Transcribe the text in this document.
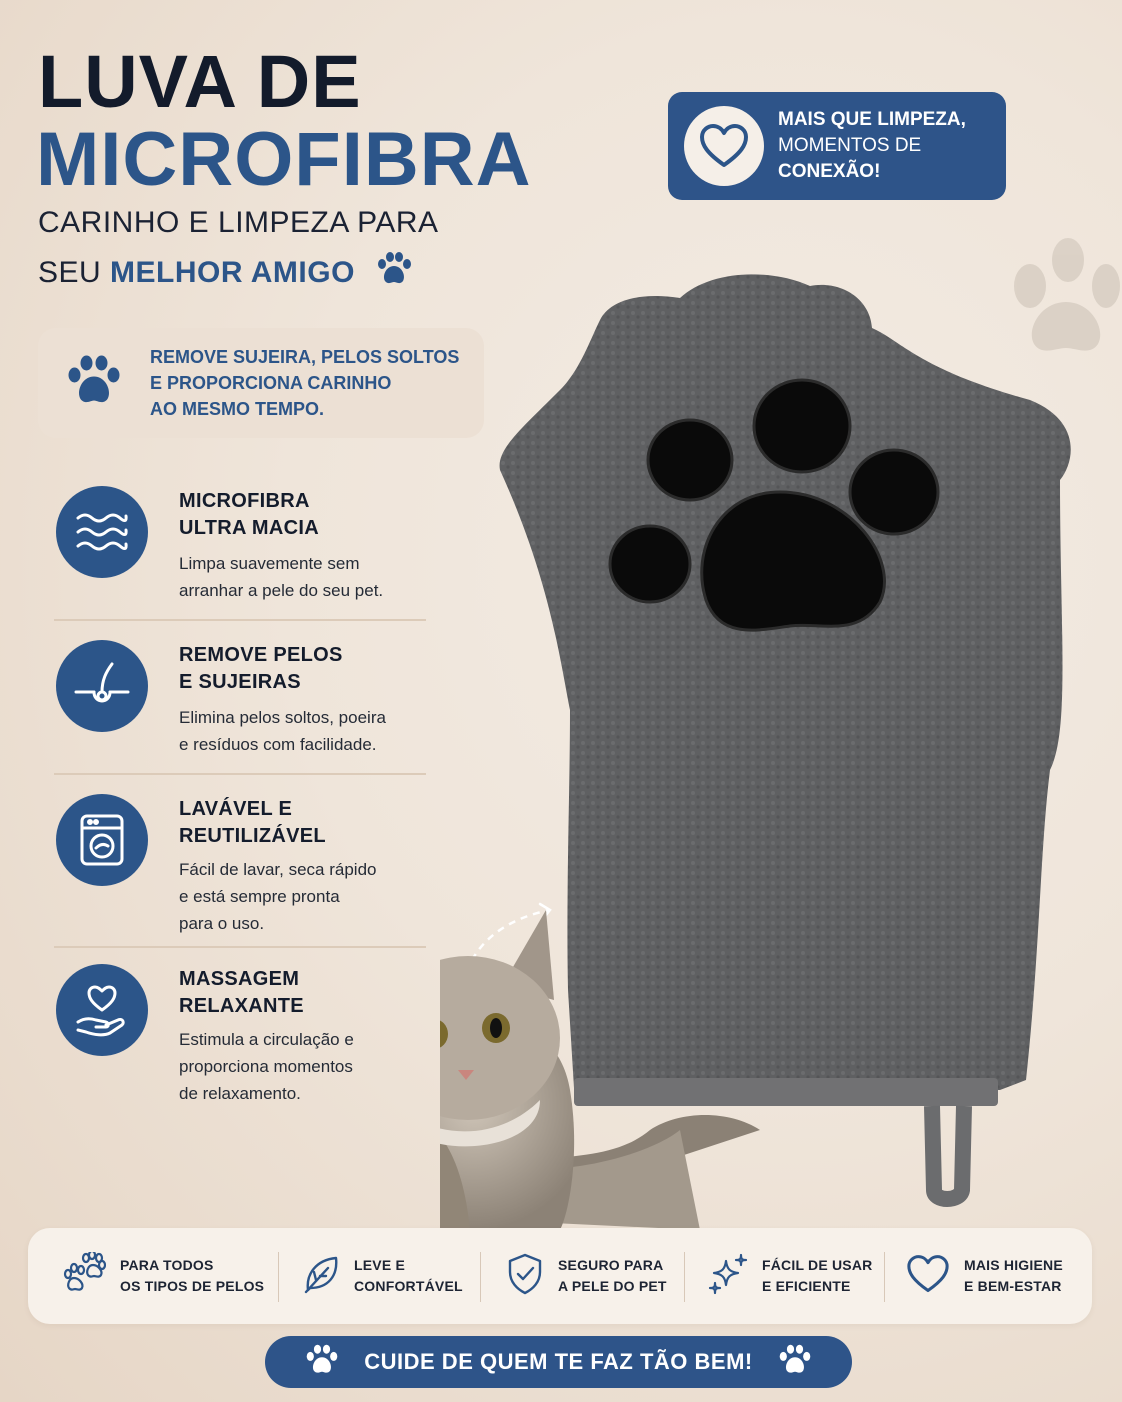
LUVA DE
MICROFIBRA
CARINHO E LIMPEZA PARA
SEU MELHOR AMIGO
MAIS QUE LIMPEZA,
MOMENTOS DE
CONEXÃO!
REMOVE SUJEIRA, PELOS SOLTOS
E PROPORCIONA CARINHO
AO MESMO TEMPO.
MICROFIBRA
ULTRA MACIA
Limpa suavemente sem
arranhar a pele do seu pet.
REMOVE PELOS
E SUJEIRAS
Elimina pelos soltos, poeira
e resíduos com facilidade.
LAVÁVEL E
REUTILIZÁVEL
Fácil de lavar, seca rápido
e está sempre pronta
para o uso.
MASSAGEM
RELAXANTE
Estimula a circulação e
proporciona momentos
de relaxamento.
PARA TODOS
OS TIPOS DE PELOS
LEVE E
CONFORTÁVEL
SEGURO PARA
A PELE DO PET
FÁCIL DE USAR
E EFICIENTE
MAIS HIGIENE
E BEM-ESTAR
CUIDE DE QUEM TE FAZ TÃO BEM!
